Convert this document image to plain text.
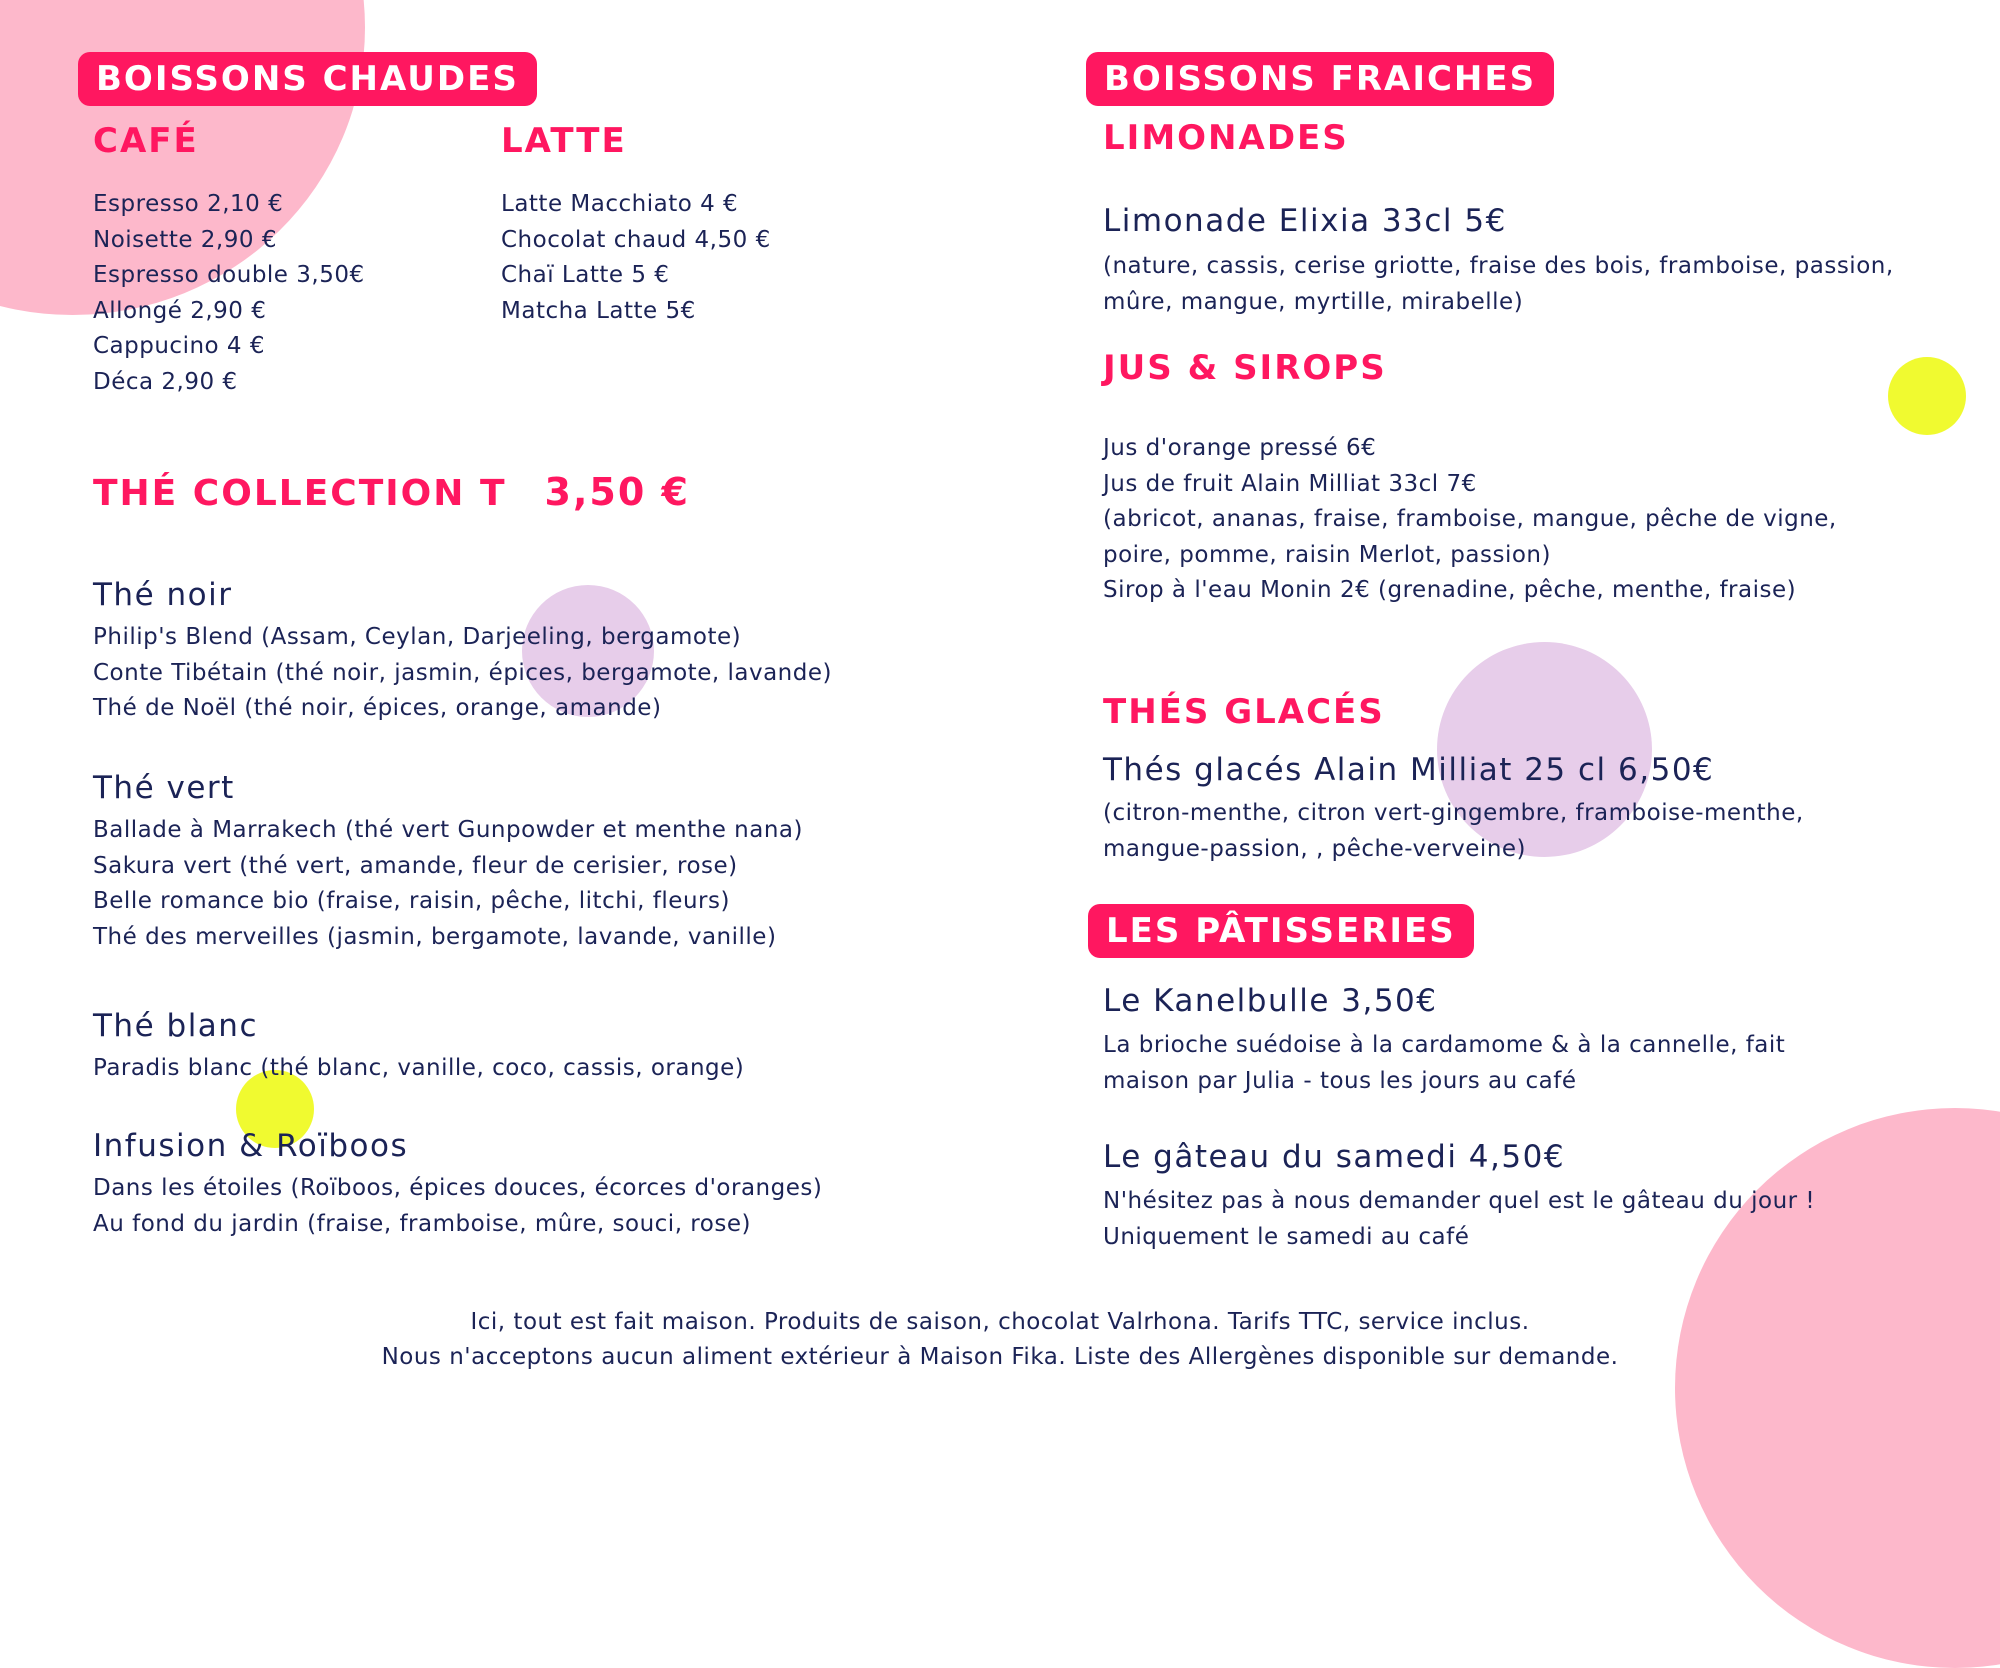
BOISSONS CHAUDES
CAFÉ
Espresso 2,10 €
Noisette 2,90 €
Espresso double 3,50€
Allongé 2,90 €
Cappucino 4 €
Déca 2,90 €
LATTE
Latte Macchiato 4 €
Chocolat chaud 4,50 €
Chaï Latte 5 €
Matcha Latte 5€
THÉ COLLECTION T 3,50 €
Thé noir
Philip's Blend (Assam, Ceylan, Darjeeling, bergamote)
Conte Tibétain (thé noir, jasmin, épices, bergamote, lavande)
Thé de Noël (thé noir, épices, orange, amande)
Thé vert
Ballade à Marrakech (thé vert Gunpowder et menthe nana)
Sakura vert (thé vert, amande, fleur de cerisier, rose)
Belle romance bio (fraise, raisin, pêche, litchi, fleurs)
Thé des merveilles (jasmin, bergamote, lavande, vanille)
Thé blanc
Paradis blanc (thé blanc, vanille, coco, cassis, orange)
Infusion & Roïboos
Dans les étoiles (Roïboos, épices douces, écorces d'oranges)
Au fond du jardin (fraise, framboise, mûre, souci, rose)
BOISSONS FRAICHES
LIMONADES
Limonade Elixia 33cl 5€
(nature, cassis, cerise griotte, fraise des bois, framboise, passion,
mûre, mangue, myrtille, mirabelle)
JUS & SIROPS
Jus d'orange pressé 6€
Jus de fruit Alain Milliat 33cl 7€
(abricot, ananas, fraise, framboise, mangue, pêche de vigne,
poire, pomme, raisin Merlot, passion)
Sirop à l'eau Monin 2€ (grenadine, pêche, menthe, fraise)
THÉS GLACÉS
Thés glacés Alain Milliat 25 cl 6,50€
(citron-menthe, citron vert-gingembre, framboise-menthe,
mangue-passion, , pêche-verveine)
LES PÂTISSERIES
Le Kanelbulle 3,50€
La brioche suédoise à la cardamome & à la cannelle, fait
maison par Julia - tous les jours au café
Le gâteau du samedi 4,50€
N'hésitez pas à nous demander quel est le gâteau du jour !
Uniquement le samedi au café
Ici, tout est fait maison. Produits de saison, chocolat Valrhona. Tarifs TTC, service inclus.
Nous n'acceptons aucun aliment extérieur à Maison Fika. Liste des Allergènes disponible sur demande.
